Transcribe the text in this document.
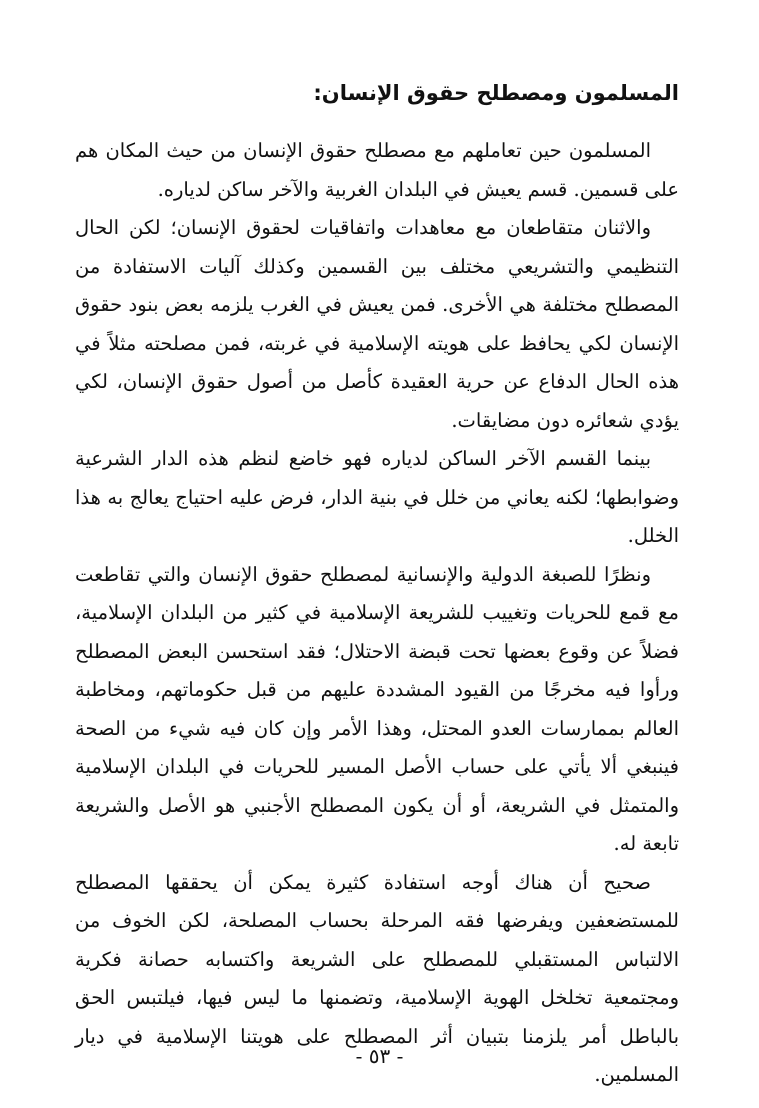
المسلمون ومصطلح حقوق الإنسان:

المسلمون حين تعاملهم مع مصطلح حقوق الإنسان من حيث المكان هم على قسمين. قسم يعيش في البلدان الغربية والآخر ساكن لدياره.

والاثنان متقاطعان مع معاهدات واتفاقيات لحقوق الإنسان؛ لكن الحال التنظيمي والتشريعي مختلف بين القسمين وكذلك آليات الاستفادة من المصطلح مختلفة هي الأخرى. فمن يعيش في الغرب يلزمه بعض بنود حقوق الإنسان لكي يحافظ على هويته الإسلامية في غربته، فمن مصلحته مثلاً في هذه الحال الدفاع عن حرية العقيدة كأصل من أصول حقوق الإنسان، لكي يؤدي شعائره دون مضايقات.

بينما القسم الآخر الساكن لدياره فهو خاضع لنظم هذه الدار الشرعية وضوابطها؛ لكنه يعاني من خلل في بنية الدار، فرض عليه احتياج يعالج به هذا الخلل.

ونظرًا للصبغة الدولية والإنسانية لمصطلح حقوق الإنسان والتي تقاطعت مع قمع للحريات وتغييب للشريعة الإسلامية في كثير من البلدان الإسلامية، فضلاً عن وقوع بعضها تحت قبضة الاحتلال؛ فقد استحسن البعض المصطلح ورأوا فيه مخرجًا من القيود المشددة عليهم من قبل حكوماتهم، ومخاطبة العالم بممارسات العدو المحتل، وهذا الأمر وإن كان فيه شيء من الصحة فينبغي ألا يأتي على حساب الأصل المسير للحريات في البلدان الإسلامية والمتمثل في الشريعة، أو أن يكون المصطلح الأجنبي هو الأصل والشريعة تابعة له.

صحيح أن هناك أوجه استفادة كثيرة يمكن أن يحققها المصطلح للمستضعفين ويفرضها فقه المرحلة بحساب المصلحة، لكن الخوف من الالتباس المستقبلي للمصطلح على الشريعة واكتسابه حصانة فكرية ومجتمعية تخلخل الهوية الإسلامية، وتضمنها ما ليس فيها، فيلتبس الحق بالباطل أمر يلزمنا بتبيان أثر المصطلح على هويتنا الإسلامية في ديار المسلمين.

- ٥٣ -
